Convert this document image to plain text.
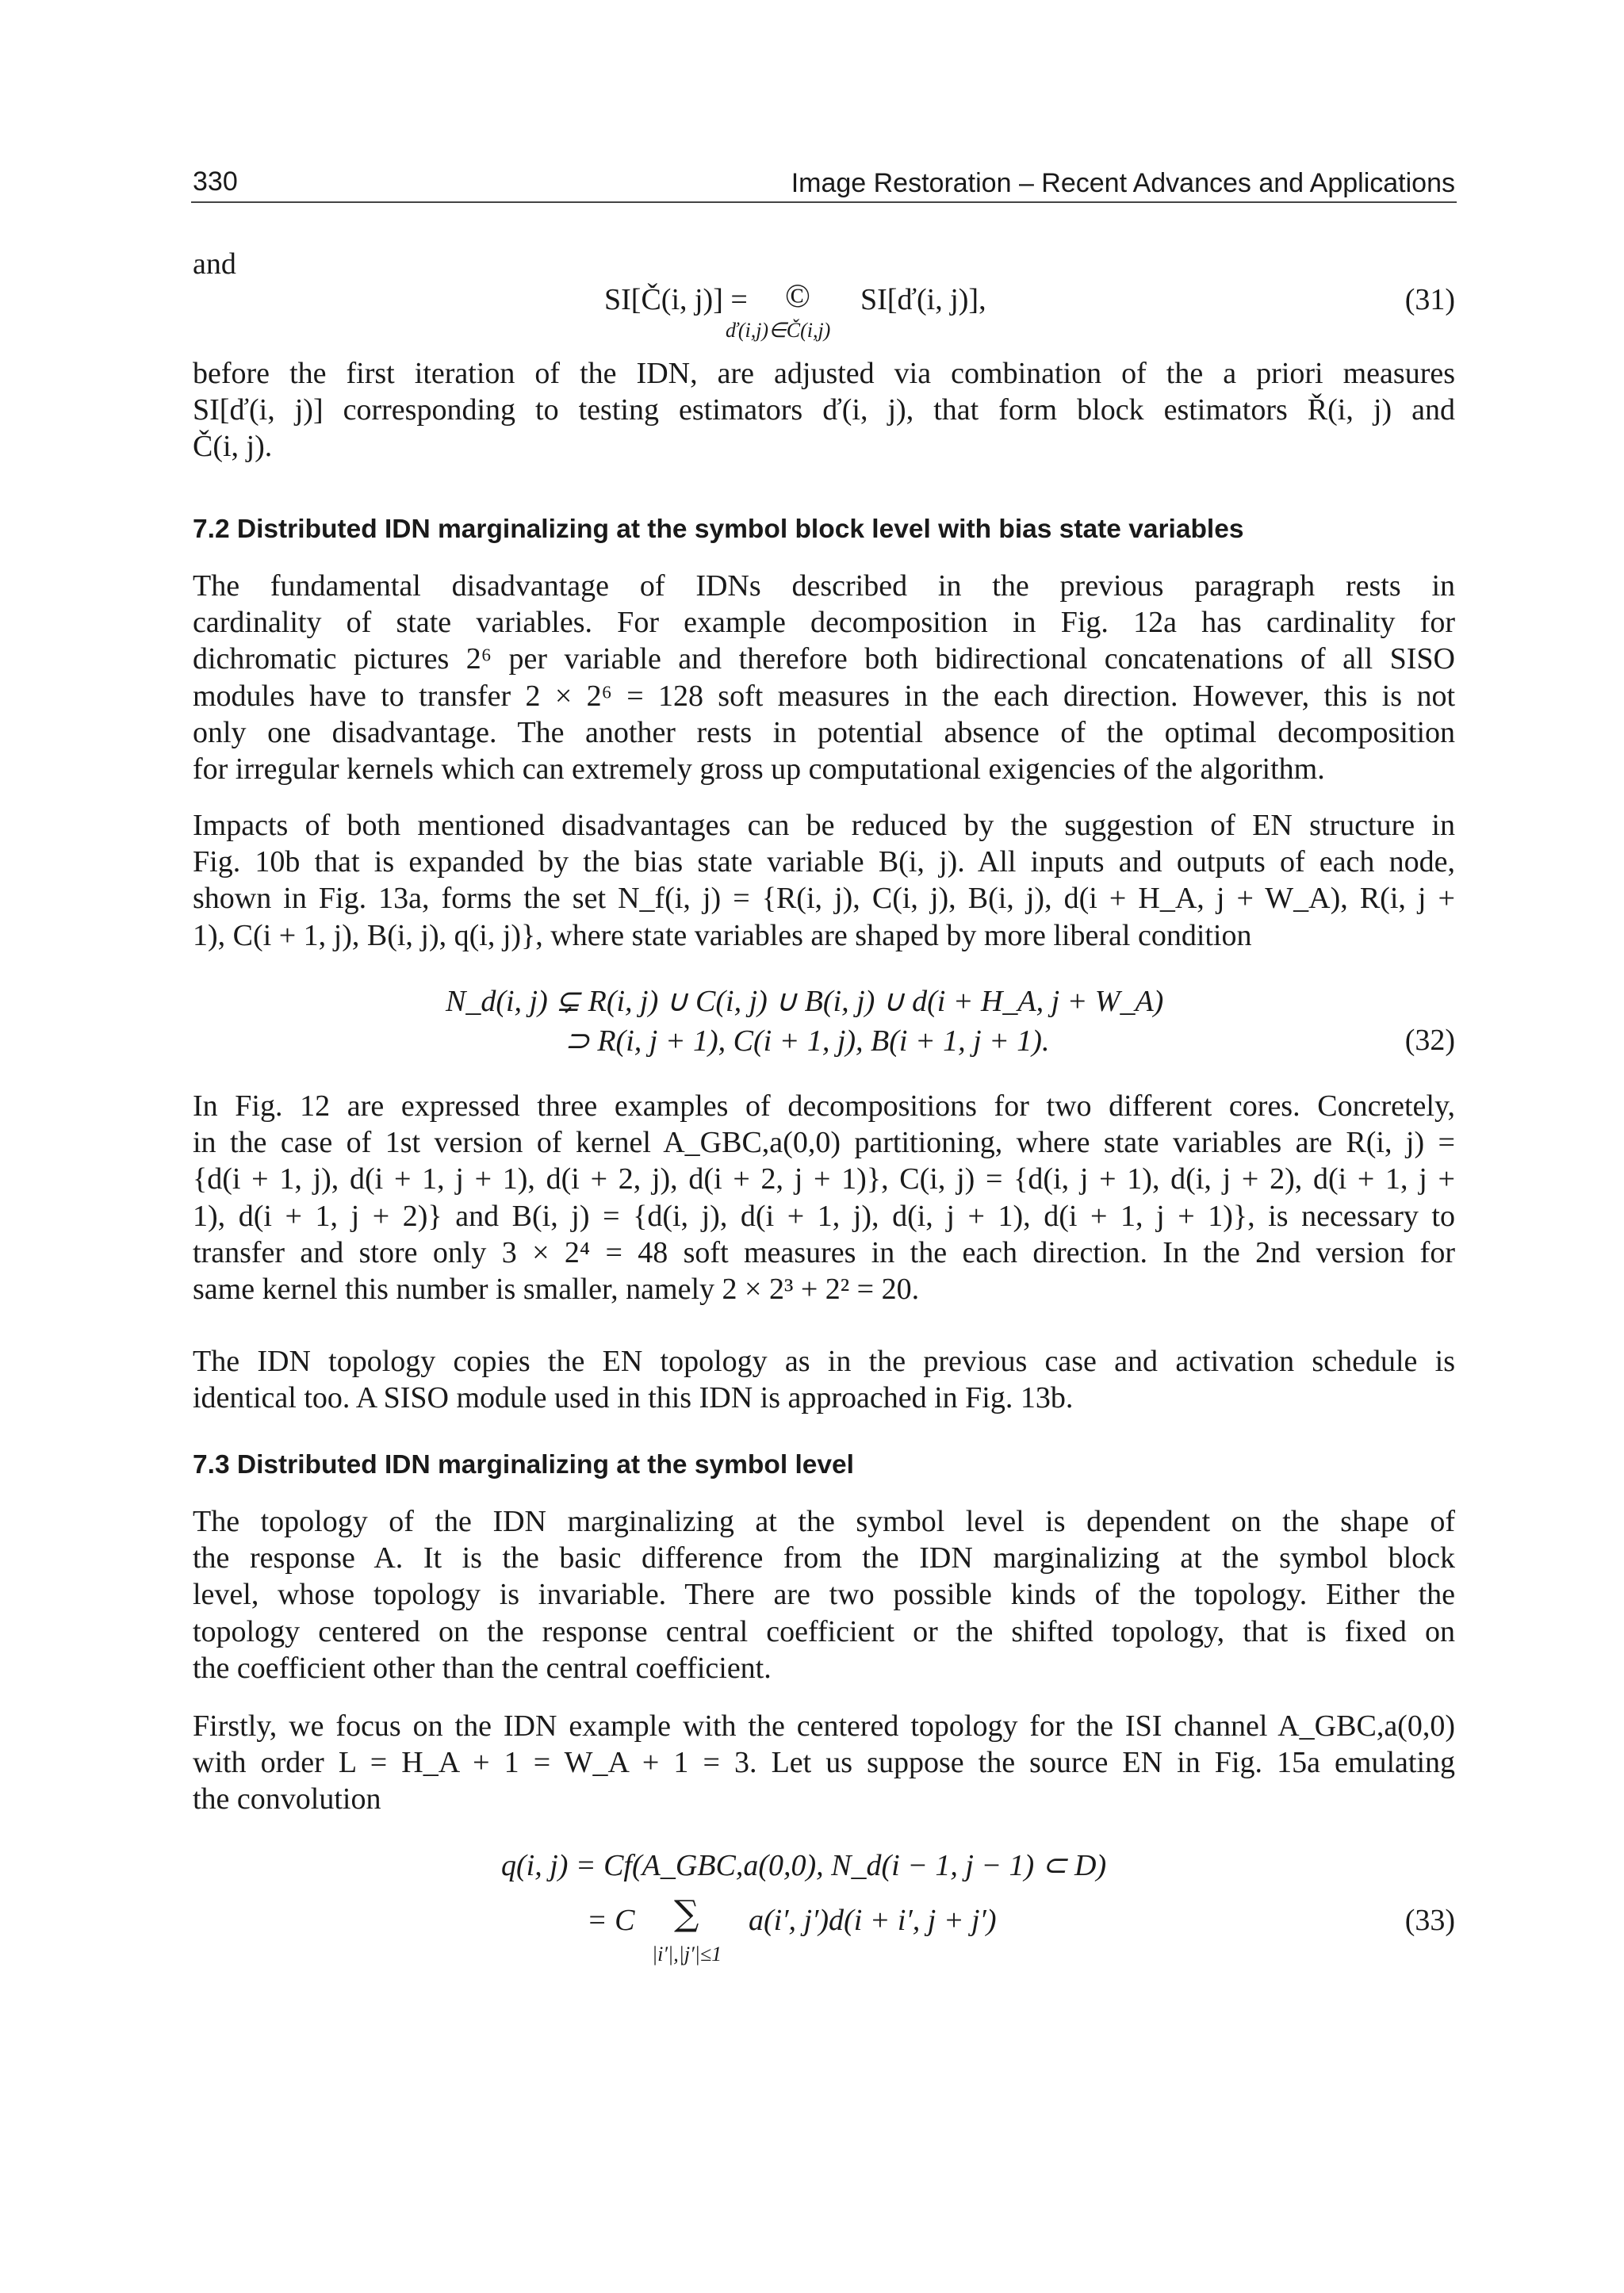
330	Image Restoration – Recent Advances and Applications
and
SI[Č(i, j)] = ©
ď(i,j)∈Č(i,j)
SI[ď(i, j)],	(31)

before the first iteration of the IDN, are adjusted via combination of the a priori measures
SI[ď(i, j)] corresponding to testing estimators ď(i, j), that form block estimators Ř(i, j) and
Č(i, j).

7.2 Distributed IDN marginalizing at the symbol block level with bias state variables

The fundamental disadvantage of IDNs described in the previous paragraph rests in
cardinality of state variables. For example decomposition in Fig. 12a has cardinality for
dichromatic pictures 2⁶ per variable and therefore both bidirectional concatenations of all SISO
modules have to transfer 2 × 2⁶ = 128 soft measures in the each direction. However, this is not
only one disadvantage. The another rests in potential absence of the optimal decomposition
for irregular kernels which can extremely gross up computational exigencies of the algorithm.

Impacts of both mentioned disadvantages can be reduced by the suggestion of EN structure in
Fig. 10b that is expanded by the bias state variable B(i, j). All inputs and outputs of each node,
shown in Fig. 13a, forms the set N_f(i, j) = {R(i, j), C(i, j), B(i, j), d(i + H_A, j + W_A), R(i, j +
1), C(i + 1, j), B(i, j), q(i, j)}, where state variables are shaped by more liberal condition

N_d(i, j) ⊊ R(i, j) ∪ C(i, j) ∪ B(i, j) ∪ d(i + H_A, j + W_A)
⊃ R(i, j + 1), C(i + 1, j), B(i + 1, j + 1).	(32)

In Fig. 12 are expressed three examples of decompositions for two different cores. Concretely,
in the case of 1st version of kernel A_GBC,a(0,0) partitioning, where state variables are R(i, j) =
{d(i + 1, j), d(i + 1, j + 1), d(i + 2, j), d(i + 2, j + 1)}, C(i, j) = {d(i, j + 1), d(i, j + 2), d(i + 1, j +
1), d(i + 1, j + 2)} and B(i, j) = {d(i, j), d(i + 1, j), d(i, j + 1), d(i + 1, j + 1)}, is necessary to
transfer and store only 3 × 2⁴ = 48 soft measures in the each direction. In the 2nd version for
same kernel this number is smaller, namely 2 × 2³ + 2² = 20.

The IDN topology copies the EN topology as in the previous case and activation schedule is
identical too. A SISO module used in this IDN is approached in Fig. 13b.

7.3 Distributed IDN marginalizing at the symbol level

The topology of the IDN marginalizing at the symbol level is dependent on the shape of
the response A. It is the basic difference from the IDN marginalizing at the symbol block
level, whose topology is invariable. There are two possible kinds of the topology. Either the
topology centered on the response central coefficient or the shifted topology, that is fixed on
the coefficient other than the central coefficient.

Firstly, we focus on the IDN example with the centered topology for the ISI channel A_GBC,a(0,0)
with order L = H_A + 1 = W_A + 1 = 3. Let us suppose the source EN in Fig. 15a emulating
the convolution

q(i, j) = Cf(A_GBC,a(0,0), N_d(i − 1, j − 1) ⊂ D)
= C ∑
|i′|,|j′|≤1
a(i′, j′)d(i + i′, j + j′)	(33)
